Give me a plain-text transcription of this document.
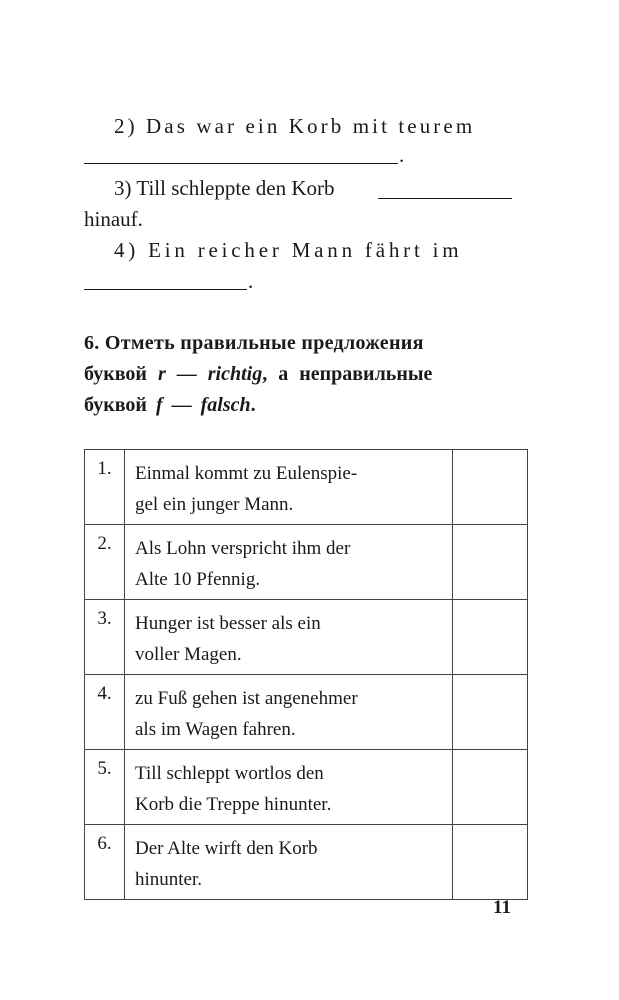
2) Das war ein Korb mit teurem
.
3) Till schleppte den Korb
hinauf.
4) Ein reicher Mann fährt im
.
6. Отметь правильные предложения
буквой r — richtig, а неправильные
буквой f — falsch.
1.	Einmal kommt zu Eulenspie-
gel ein junger Mann.	

2.	Als Lohn verspricht ihm der
Alte 10 Pfennig.	

3.	Hunger ist besser als ein
voller Magen.	

4.	zu Fuß gehen ist angenehmer
als im Wagen fahren.	

5.	Till schleppt wortlos den
Korb die Treppe hinunter.	

6.	Der Alte wirft den Korb
hinunter.	

11
